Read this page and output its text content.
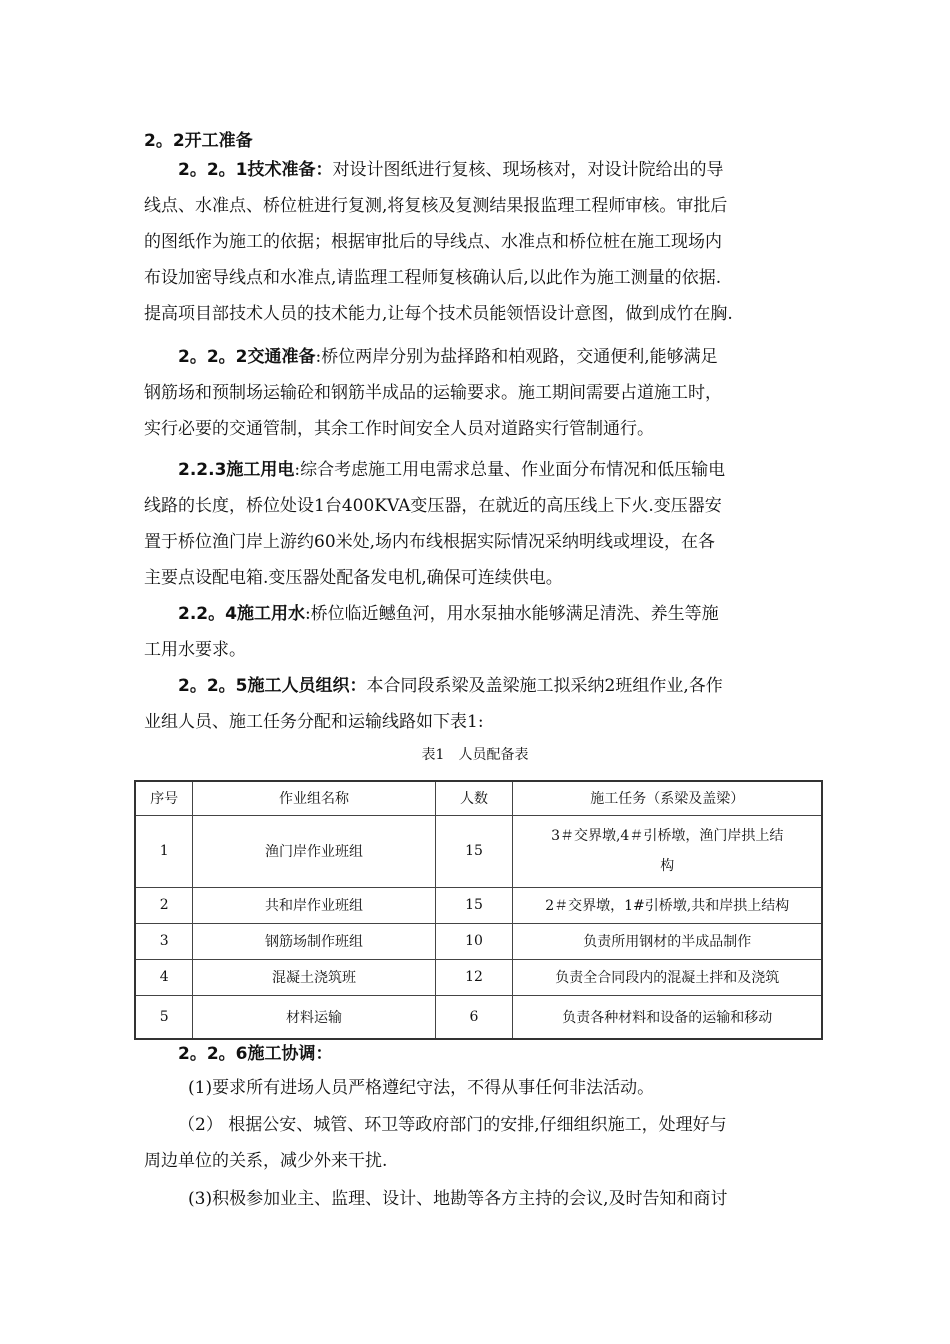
2。2开工准备
2。2。1技术准备：对设计图纸进行复核、现场核对，对设计院给出的导
线点、水准点、桥位桩进行复测,将复核及复测结果报监理工程师审核。审批后
的图纸作为施工的依据；根据审批后的导线点、水准点和桥位桩在施工现场内
布设加密导线点和水准点,请监理工程师复核确认后,以此作为施工测量的依据.
提高项目部技术人员的技术能力,让每个技术员能领悟设计意图，做到成竹在胸.
2。2。2交通准备:桥位两岸分别为盐择路和柏观路，交通便利,能够满足
钢筋场和预制场运输砼和钢筋半成品的运输要求。施工期间需要占道施工时，
实行必要的交通管制，其余工作时间安全人员对道路实行管制通行。
2.2.3施工用电:综合考虑施工用电需求总量、作业面分布情况和低压输电
线路的长度，桥位处设1台400KVA变压器，在就近的高压线上下火.变压器安
置于桥位渔门岸上游约60米处,场内布线根据实际情况采纳明线或埋设，在各
主要点设配电箱.变压器处配备发电机,确保可连续供电。
2.2。4施工用水:桥位临近鳡鱼河，用水泵抽水能够满足清洗、养生等施
工用水要求。
2。2。5施工人员组织：本合同段系梁及盖梁施工拟采纳2班组作业,各作
业组人员、施工任务分配和运输线路如下表1:
表1　人员配备表
序号	作业组名称	人数	施工任务（系梁及盖梁）
1	渔门岸作业班组	15	3＃交界墩,4＃引桥墩，渔门岸拱上结
构

2	共和岸作业班组	15	2＃交界墩，1#引桥墩,共和岸拱上结构
3	钢筋场制作班组	10	负责所用钢材的半成品制作
4	混凝土浇筑班	12	负责全合同段内的混凝土拌和及浇筑
5	材料运输	6	负责各种材料和设备的运输和移动
2。2。6施工协调：
(1)要求所有进场人员严格遵纪守法，不得从事任何非法活动。
（2） 根据公安、城管、环卫等政府部门的安排,仔细组织施工，处理好与
周边单位的关系，减少外来干扰.
(3)积极参加业主、监理、设计、地勘等各方主持的会议,及时告知和商讨
